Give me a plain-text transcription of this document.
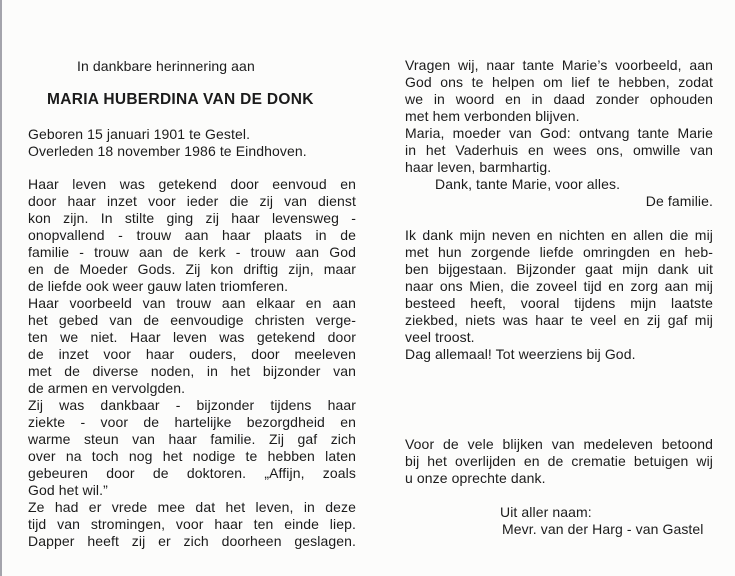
In dankbare herinnering aan
MARIA HUBERDINA VAN DE DONK
Geboren 15 januari 1901 te Gestel.
Overleden 18 november 1986 te Eindhoven.
Haar leven was getekend door eenvoud en
door haar inzet voor ieder die zij van dienst
kon zijn. In stilte ging zij haar levensweg -
onopvallend - trouw aan haar plaats in de
familie - trouw aan de kerk - trouw aan God
en de Moeder Gods. Zij kon driftig zijn, maar
de liefde ook weer gauw laten triomferen.
Haar voorbeeld van trouw aan elkaar en aan
het gebed van de eenvoudige christen verge-
ten we niet. Haar leven was getekend door
de inzet voor haar ouders, door meeleven
met de diverse noden, in het bijzonder van
de armen en vervolgden.
Zij was dankbaar - bijzonder tijdens haar
ziekte - voor de hartelijke bezorgdheid en
warme steun van haar familie. Zij gaf zich
over na toch nog het nodige te hebben laten
gebeuren door de doktoren. „Affijn, zoals
God het wil.”
Ze had er vrede mee dat het leven, in deze
tijd van stromingen, voor haar ten einde liep.
Dapper heeft zij er zich doorheen geslagen.
Vragen wij, naar tante Marie’s voorbeeld, aan
God ons te helpen om lief te hebben, zodat
we in woord en in daad zonder ophouden
met hem verbonden blijven.
Maria, moeder van God: ontvang tante Marie
in het Vaderhuis en wees ons, omwille van
haar leven, barmhartig.
Dank, tante Marie, voor alles.
De familie.
Ik dank mijn neven en nichten en allen die mij
met hun zorgende liefde omringden en heb-
ben bijgestaan. Bijzonder gaat mijn dank uit
naar ons Mien, die zoveel tijd en zorg aan mij
besteed heeft, vooral tijdens mijn laatste
ziekbed, niets was haar te veel en zij gaf mij
veel troost.
Dag allemaal! Tot weerziens bij God.
Voor de vele blijken van medeleven betoond
bij het overlijden en de crematie betuigen wij
u onze oprechte dank.
Uit aller naam:
Mevr. van der Harg - van Gastel
